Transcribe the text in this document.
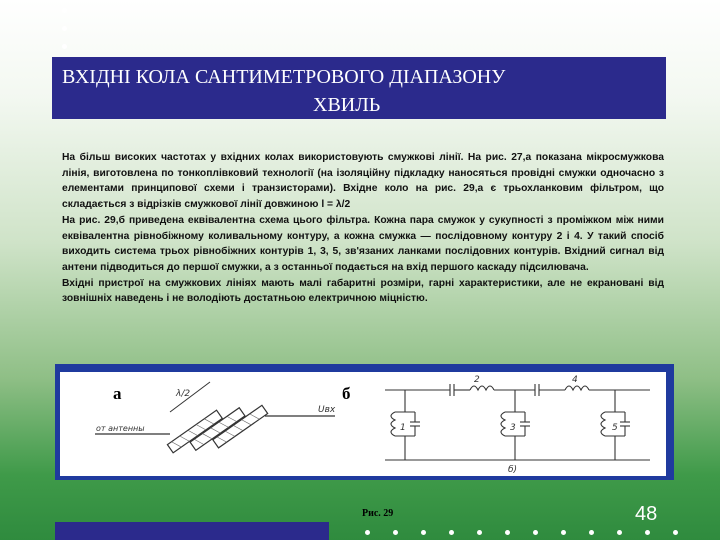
ВХІДНІ КОЛА САНТИМЕТРОВОГО ДІАПАЗОНУ
ХВИЛЬ

На більш високих частотах у вхідних колах використовують смужкові лінії. На рис. 27,а показана мікросмужкова лінія, виготовлена по тонкоплівковий технології (на ізоляційну підкладку наносяться провідні смужки одночасно з елементами принципової схеми і транзисторами). Вхідне коло на рис. 29,а є трьохланковим фільтром, що складається з відрізків смужкової лінії довжиною l = λ/2

На рис. 29,б приведена еквівалентна схема цього фільтра. Кожна пара смужок у сукупності з проміжком між ними еквівалентна рівнобіжному коливальному контуру, а кожна смужка — послідовному контуру 2 і 4. У такий спосіб виходить система трьох рівнобіжних контурів 1, 3, 5, зв'язаних ланками послідовних контурів. Вхідний сигнал від антени підводиться до першої смужки, а з останньої подається на вхід першого каскаду підсилювача.

Вхідні пристрої на смужкових лініях мають малі габаритні розміри, гарні характеристики, але не екрановані від зовнішніх наведень і не володіють достатньою електричною міцністю.

а	б
от антенны
λ/2
Uвх
1
2
3
4
5
б)
Рис. 29	48
